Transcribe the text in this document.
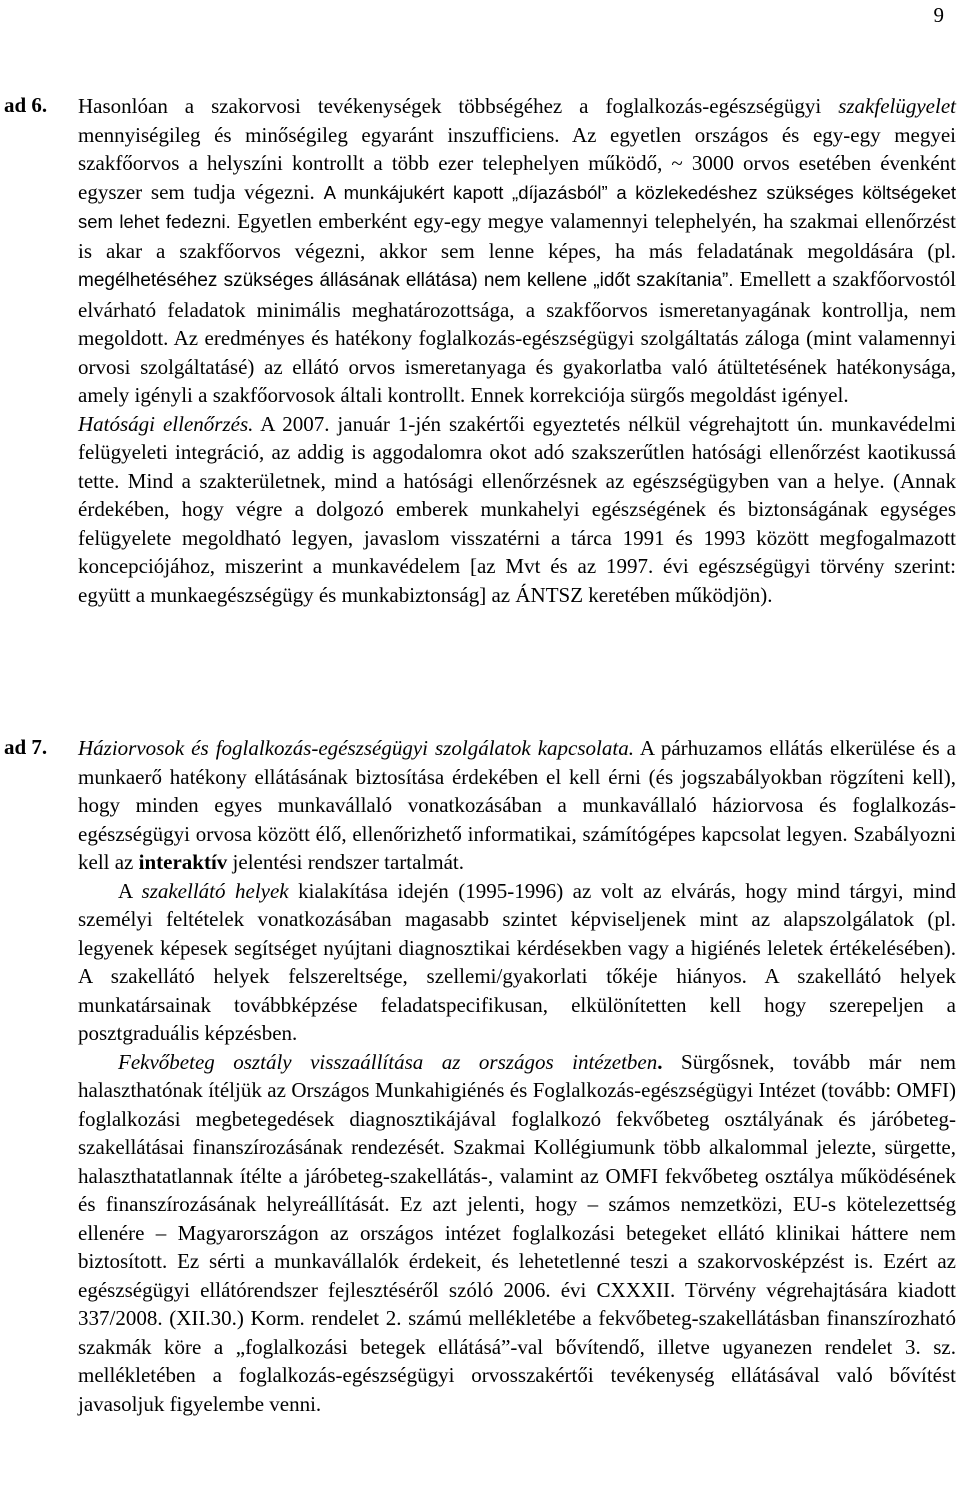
9
ad 6. Hasonlóan a szakorvosi tevékenységek többségéhez a foglalkozás-egészségügyi szakfelügyelet mennyiségileg és minőségileg egyaránt inszufficiens. Az egyetlen országos és egy-egy megyei szakfőorvos a helyszíni kontrollt a több ezer telephelyen működő, ~ 3000 orvos esetében évenként egyszer sem tudja végezni. A munkájukért kapott „díjazásból” a közlekedéshez szükséges költségeket sem lehet fedezni. Egyetlen emberként egy-egy megye valamennyi telephelyén, ha szakmai ellenőrzést is akar a szakfőorvos végezni, akkor sem lenne képes, ha más feladatának megoldására (pl. megélhetéséhez szükséges állásának ellátása) nem kellene „időt szakítania”. Emellett a szakfőorvostól elvárható feladatok minimális meghatározottsága, a szakfőorvos ismeretanyagának kontrollja, nem megoldott. Az eredményes és hatékony foglalkozás-egészségügyi szolgáltatás záloga (mint valamennyi orvosi szolgáltatásé) az ellátó orvos ismeretanyaga és gyakorlatba való átültetésének hatékonysága, amely igényli a szakfőorvosok általi kontrollt. Ennek korrekciója sürgős megoldást igényel.

Hatósági ellenőrzés. A 2007. január 1-jén szakértői egyeztetés nélkül végrehajtott ún. munkavédelmi felügyeleti integráció, az addig is aggodalomra okot adó szakszerűtlen hatósági ellenőrzést kaotikussá tette. Mind a szakterületnek, mind a hatósági ellenőrzésnek az egészségügyben van a helye. (Annak érdekében, hogy végre a dolgozó emberek munkahelyi egészségének és biztonságának egységes felügyelete megoldható legyen, javaslom visszatérni a tárca 1991 és 1993 között megfogalmazott koncepciójához, miszerint a munkavédelem [az Mvt és az 1997. évi egészségügyi törvény szerint: együtt a munkaegészségügy és munkabiztonság] az ÁNTSZ keretében működjön).

ad 7. Háziorvosok és foglalkozás-egészségügyi szolgálatok kapcsolata. A párhuzamos ellátás elkerülése és a munkaerő hatékony ellátásának biztosítása érdekében el kell érni (és jogszabályokban rögzíteni kell), hogy minden egyes munkavállaló vonatkozásában a munkavállaló háziorvosa és foglalkozás-egészségügyi orvosa között élő, ellenőrizhető informatikai, számítógépes kapcsolat legyen. Szabályozni kell az interaktív jelentési rendszer tartalmát.

A szakellátó helyek kialakítása idején (1995-1996) az volt az elvárás, hogy mind tárgyi, mind személyi feltételek vonatkozásában magasabb szintet képviseljenek mint az alapszolgálatok (pl. legyenek képesek segítséget nyújtani diagnosztikai kérdésekben vagy a higiénés leletek értékelésében). A szakellátó helyek felszereltsége, szellemi/gyakorlati tőkéje hiányos. A szakellátó helyek munkatársainak továbbképzése feladatspecifikusan, elkülönítetten kell hogy szerepeljen a posztgraduális képzésben.

Fekvőbeteg osztály visszaállítása az országos intézetben. Sürgősnek, tovább már nem halaszthatónak ítéljük az Országos Munkahigiénés és Foglalkozás-egészségügyi Intézet (tovább: OMFI) foglalkozási megbetegedések diagnosztikájával foglalkozó fekvőbeteg osztályának és járóbeteg-szakellátásai finanszírozásának rendezését. Szakmai Kollégiumunk több alkalommal jelezte, sürgette, halaszthatatlannak ítélte a járóbeteg-szakellátás-, valamint az OMFI fekvőbeteg osztálya működésének és finanszírozásának helyreállítását. Ez azt jelenti, hogy – számos nemzetközi, EU-s kötelezettség ellenére – Magyarországon az országos intézet foglalkozási betegeket ellátó klinikai háttere nem biztosított. Ez sérti a munkavállalók érdekeit, és lehetetlenné teszi a szakorvosképzést is. Ezért az egészségügyi ellátórendszer fejlesztéséről szóló 2006. évi CXXXII. Törvény végrehajtására kiadott 337/2008. (XII.30.) Korm. rendelet 2. számú mellékletébe a fekvőbeteg-szakellátásban finanszírozható szakmák köre a „foglalkozási betegek ellátásá”-val bővítendő, illetve ugyanezen rendelet 3. sz. mellékletében a foglalkozás-egészségügyi orvosszakértői tevékenység ellátásával való bővítést javasoljuk figyelembe venni.
